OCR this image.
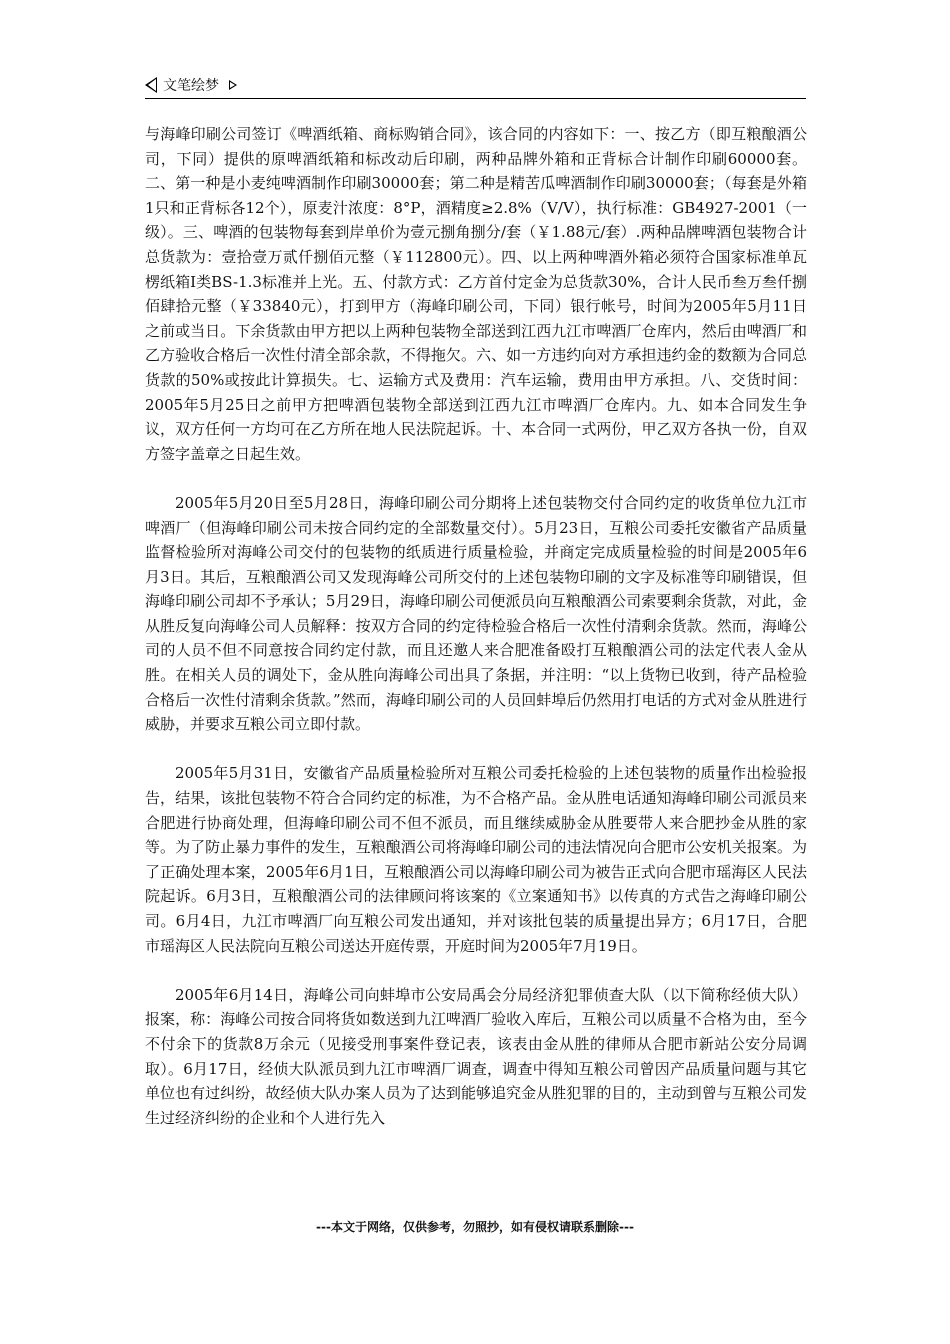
文笔绘梦

与海峰印刷公司签订《啤酒纸箱、商标购销合同》，该合同的内容如下：一、按乙方（即互粮酿酒公司，下同）提供的原啤酒纸箱和标改动后印刷，两种品牌外箱和正背标合计制作印刷60000套。二、第一种是小麦纯啤酒制作印刷30000套；第二种是精苦瓜啤酒制作印刷30000套；（每套是外箱1只和正背标各12个），原麦汁浓度：8°P，酒精度≥2.8%（V/V），执行标准：GB4927-2001（一级）。三、啤酒的包装物每套到岸单价为壹元捌角捌分/套（￥1.88元/套）.两种品牌啤酒包装物合计总货款为：壹拾壹万贰仟捌佰元整（￥112800元）。四、以上两种啤酒外箱必须符合国家标准单瓦楞纸箱Ⅰ类BS-1.3标准并上光。五、付款方式：乙方首付定金为总货款30%，合计人民币叁万叁仟捌佰肆拾元整（￥33840元），打到甲方（海峰印刷公司，下同）银行帐号，时间为2005年5月11日之前或当日。下余货款由甲方把以上两种包装物全部送到江西九江市啤酒厂仓库内，然后由啤酒厂和乙方验收合格后一次性付清全部余款，不得拖欠。六、如一方违约向对方承担违约金的数额为合同总货款的50%或按此计算损失。七、运输方式及费用：汽车运输，费用由甲方承担。八、交货时间：2005年5月25日之前甲方把啤酒包装物全部送到江西九江市啤酒厂仓库内。九、如本合同发生争议，双方任何一方均可在乙方所在地人民法院起诉。十、本合同一式两份，甲乙双方各执一份，自双方签字盖章之日起生效。

2005年5月20日至5月28日，海峰印刷公司分期将上述包装物交付合同约定的收货单位九江市啤酒厂（但海峰印刷公司未按合同约定的全部数量交付）。5月23日，互粮公司委托安徽省产品质量监督检验所对海峰公司交付的包装物的纸质进行质量检验，并商定完成质量检验的时间是2005年6月3日。其后，互粮酿酒公司又发现海峰公司所交付的上述包装物印刷的文字及标准等印刷错误，但海峰印刷公司却不予承认；5月29日，海峰印刷公司便派员向互粮酿酒公司索要剩余货款，对此，金从胜反复向海峰公司人员解释：按双方合同的约定待检验合格后一次性付清剩余货款。然而，海峰公司的人员不但不同意按合同约定付款，而且还邀人来合肥准备殴打互粮酿酒公司的法定代表人金从胜。在相关人员的调处下，金从胜向海峰公司出具了条据，并注明：“以上货物已收到，待产品检验合格后一次性付清剩余货款。”然而，海峰印刷公司的人员回蚌埠后仍然用打电话的方式对金从胜进行威胁，并要求互粮公司立即付款。

2005年5月31日，安徽省产品质量检验所对互粮公司委托检验的上述包装物的质量作出检验报告，结果，该批包装物不符合合同约定的标准，为不合格产品。金从胜电话通知海峰印刷公司派员来合肥进行协商处理，但海峰印刷公司不但不派员，而且继续威胁金从胜要带人来合肥抄金从胜的家等。为了防止暴力事件的发生，互粮酿酒公司将海峰印刷公司的违法情况向合肥市公安机关报案。为了正确处理本案，2005年6月1日，互粮酿酒公司以海峰印刷公司为被告正式向合肥市瑶海区人民法院起诉。6月3日，互粮酿酒公司的法律顾问将该案的《立案通知书》以传真的方式告之海峰印刷公司。6月4日，九江市啤酒厂向互粮公司发出通知，并对该批包装的质量提出异方；6月17日，合肥市瑶海区人民法院向互粮公司送达开庭传票，开庭时间为2005年7月19日。

2005年6月14日，海峰公司向蚌埠市公安局禹会分局经济犯罪侦查大队（以下简称经侦大队）报案，称：海峰公司按合同将货如数送到九江啤酒厂验收入库后，互粮公司以质量不合格为由，至今不付余下的货款8万余元（见接受刑事案件登记表，该表由金从胜的律师从合肥市新站公安分局调取）。6月17日，经侦大队派员到九江市啤酒厂调查，调查中得知互粮公司曾因产品质量问题与其它单位也有过纠纷，故经侦大队办案人员为了达到能够追究金从胜犯罪的目的，主动到曾与互粮公司发生过经济纠纷的企业和个人进行先入

---本文于网络，仅供参考，勿照抄，如有侵权请联系删除---
